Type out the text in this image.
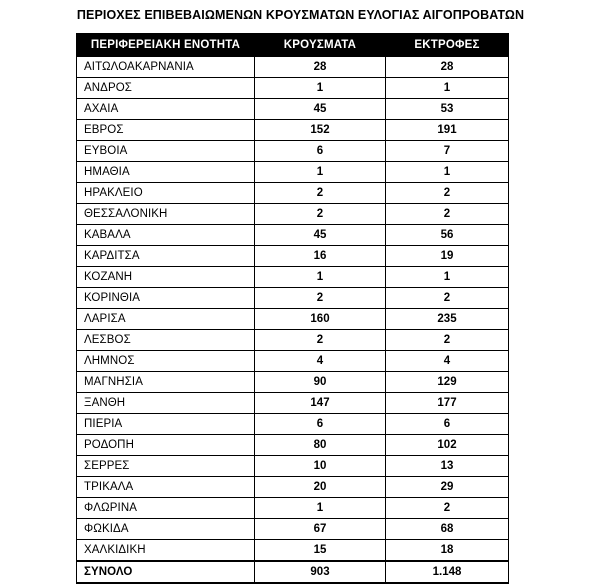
ΠΕΡΙΟΧΕΣ ΕΠΙΒΕΒΑΙΩΜΕΝΩΝ ΚΡΟΥΣΜΑΤΩΝ ΕΥΛΟΓΙΑΣ ΑΙΓΟΠΡΟΒΑΤΩΝ
ΠΕΡΙΦΕΡΕΙΑΚΗ ΕΝΟΤΗΤΑ	ΚΡΟΥΣΜΑΤΑ	ΕΚΤΡΟΦΕΣ
ΑΙΤΩΛΟΑΚΑΡΝΑΝΙΑ	28	28
ΑΝΔΡΟΣ	1	1
ΑΧΑΙΑ	45	53
ΕΒΡΟΣ	152	191
ΕΥΒΟΙΑ	6	7
ΗΜΑΘΙΑ	1	1
ΗΡΑΚΛΕΙΟ	2	2
ΘΕΣΣΑΛΟΝΙΚΗ	2	2
ΚΑΒΑΛΑ	45	56
ΚΑΡΔΙΤΣΑ	16	19
ΚΟΖΑΝΗ	1	1
ΚΟΡΙΝΘΙΑ	2	2
ΛΑΡΙΣΑ	160	235
ΛΕΣΒΟΣ	2	2
ΛΗΜΝΟΣ	4	4
ΜΑΓΝΗΣΙΑ	90	129
ΞΑΝΘΗ	147	177
ΠΙΕΡΙΑ	6	6
ΡΟΔΟΠΗ	80	102
ΣΕΡΡΕΣ	10	13
ΤΡΙΚΑΛΑ	20	29
ΦΛΩΡΙΝΑ	1	2
ΦΩΚΙΔΑ	67	68
ΧΑΛΚΙΔΙΚΗ	15	18
ΣΥΝΟΛΟ	903	1.148
